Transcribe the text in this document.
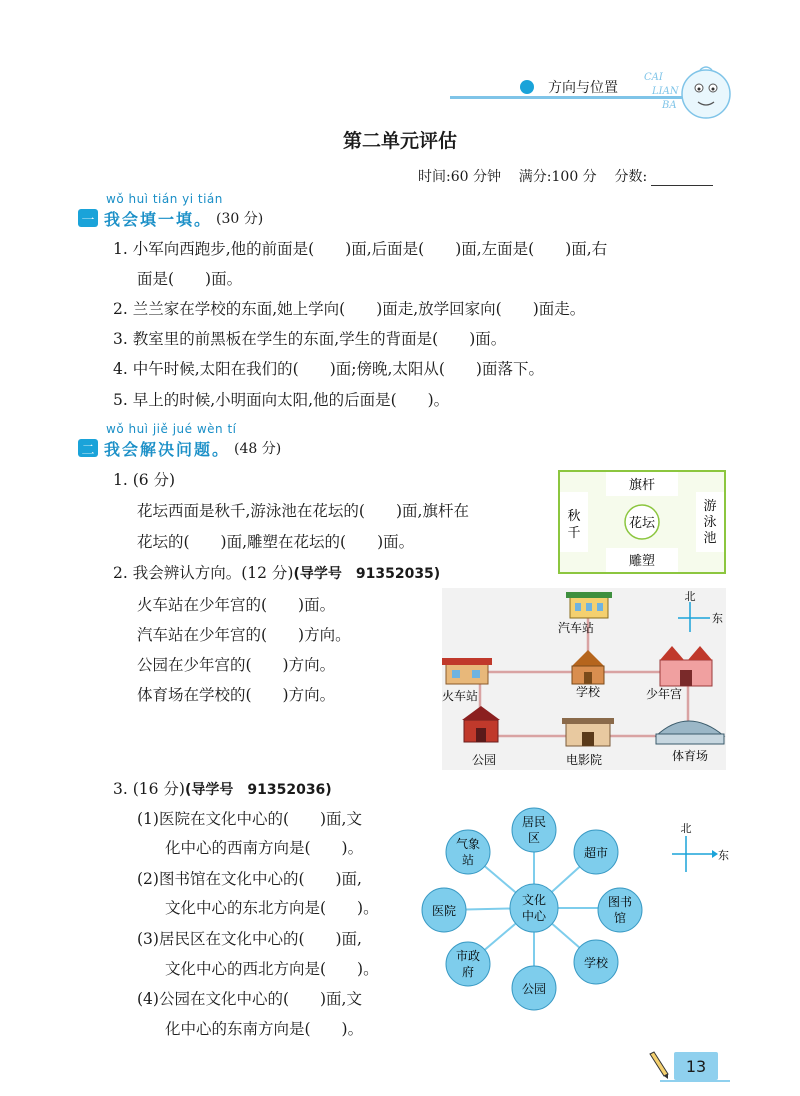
方向与位置
CAI
LIAN
BA
第二单元评估
时间:60 分钟 满分:100 分 分数:
wǒ huì tián yi tián
一 我会填一填。 (30 分)
1. 小军向西跑步,他的前面是(　　)面,后面是(　　)面,左面是(　　)面,右
面是(　　)面。
2. 兰兰家在学校的东面,她上学向(　　)面走,放学回家向(　　)面走。
3. 教室里的前黑板在学生的东面,学生的背面是(　　)面。
4. 中午时候,太阳在我们的(　　)面;傍晚,太阳从(　　)面落下。
5. 早上的时候,小明面向太阳,他的后面是(　　)。
wǒ huì jiě jué wèn tí
二 我会解决问题。 (48 分)
1. (6 分)
花坛西面是秋千,游泳池在花坛的(　　)面,旗杆在
花坛的(　　)面,雕塑在花坛的(　　)面。
旗杆
雕塑
花坛
秋
千
游
泳
池
2. 我会辨认方向。(12 分)(导学号　91352035)
火车站在少年宫的(　　)面。
汽车站在少年宫的(　　)方向。
公园在少年宫的(　　)方向。
体育场在学校的(　　)方向。
北
东
汽车站
火车站	学校	少年宫
公园	电影院	体育场
3. (16 分)(导学号　91352036)
(1)医院在文化中心的(　　)面,文
化中心的西南方向是(　　)。
(2)图书馆在文化中心的(　　)面,
文化中心的东北方向是(　　)。
(3)居民区在文化中心的(　　)面,
文化中心的西北方向是(　　)。
(4)公园在文化中心的(　　)面,文
化中心的东南方向是(　　)。
文化
中心
居民
区
超市
图书
馆
学校
公园
市政
府
医院
气象
站
北
东
13
